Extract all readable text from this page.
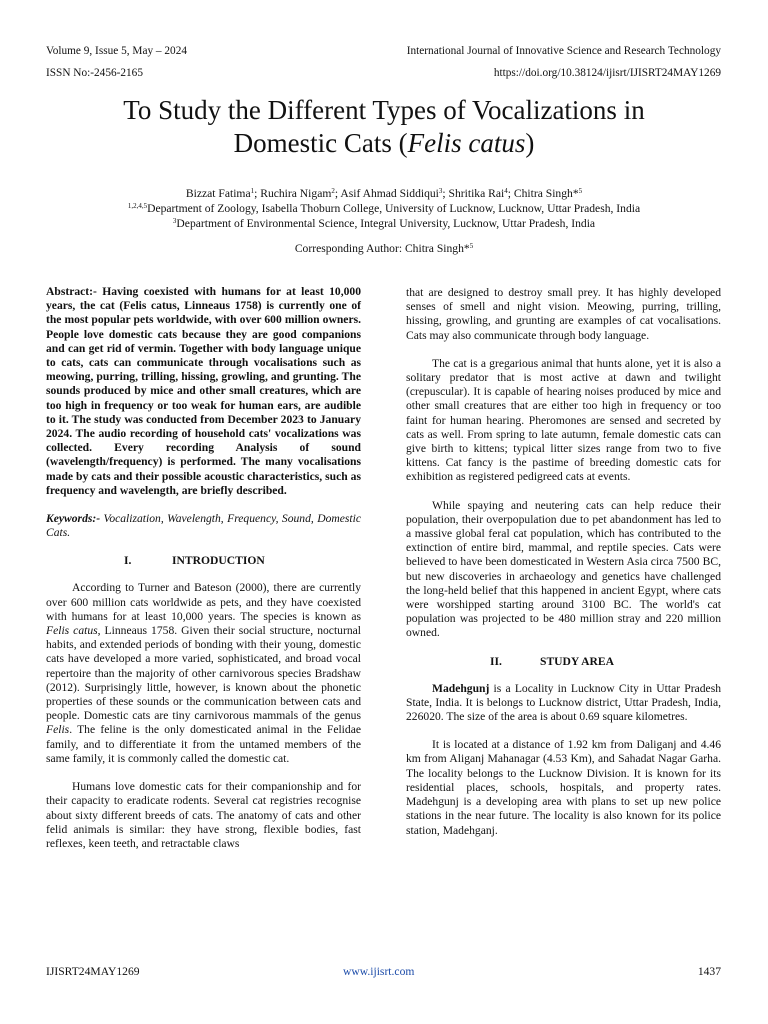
Volume 9, Issue 5, May – 2024	International Journal of Innovative Science and Research Technology
ISSN No:-2456-2165	https://doi.org/10.38124/ijisrt/IJISRT24MAY1269
To Study the Different Types of Vocalizations in
Domestic Cats (Felis catus)
Bizzat Fatima$^1$; Ruchira Nigam$^2$; Asif Ahmad Siddiqui$^3$; Shritika Rai$^4$; Chitra Singh*$^5$
$^{1,2,4,5}$Department of Zoology, Isabella Thoburn College, University of Lucknow, Lucknow, Uttar Pradesh, India
$^3$Department of Environmental Science, Integral University, Lucknow, Uttar Pradesh, India
Corresponding Author: Chitra Singh*$^5$

Abstract:- Having coexisted with humans for at least 10,000 years, the cat (Felis catus, Linneaus 1758) is currently one of the most popular pets worldwide, with over 600 million owners. People love domestic cats because they are good companions and can get rid of vermin. Together with body language unique to cats, cats can communicate through vocalisations such as meowing, purring, trilling, hissing, growling, and grunting. The sounds produced by mice and other small creatures, which are too high in frequency or too weak for human ears, are audible to it. The study was conducted from December 2023 to January 2024. The audio recording of household cats' vocalizations was collected. Every recording Analysis of sound (wavelength/frequency) is performed. The many vocalisations made by cats and their possible acoustic characteristics, such as frequency and wavelength, are briefly described.

Keywords:- Vocalization, Wavelength, Frequency, Sound, Domestic Cats.

I.	INTRODUCTION

According to Turner and Bateson (2000), there are currently over 600 million cats worldwide as pets, and they have coexisted with humans for at least 10,000 years. The species is known as Felis catus, Linneaus 1758. Given their social structure, nocturnal habits, and extended periods of bonding with their young, domestic cats have developed a more varied, sophisticated, and broad vocal repertoire than the majority of other carnivorous species Bradshaw (2012). Surprisingly little, however, is known about the phonetic properties of these sounds or the communication between cats and people. Domestic cats are tiny carnivorous mammals of the genus Felis. The feline is the only domesticated animal in the Felidae family, and to differentiate it from the untamed members of the same family, it is commonly called the domestic cat.

Humans love domestic cats for their companionship and for their capacity to eradicate rodents. Several cat registries recognise about sixty different breeds of cats. The anatomy of cats and other felid animals is similar: they have strong, flexible bodies, fast reflexes, keen teeth, and retractable claws

that are designed to destroy small prey. It has highly developed senses of smell and night vision. Meowing, purring, trilling, hissing, growling, and grunting are examples of cat vocalisations. Cats may also communicate through body language.

The cat is a gregarious animal that hunts alone, yet it is also a solitary predator that is most active at dawn and twilight (crepuscular). It is capable of hearing noises produced by mice and other small creatures that are either too high in frequency or too faint for human hearing. Pheromones are sensed and secreted by cats as well. From spring to late autumn, female domestic cats can give birth to kittens; typical litter sizes range from two to five kittens. Cat fancy is the pastime of breeding domestic cats for exhibition as registered pedigreed cats at events.

While spaying and neutering cats can help reduce their population, their overpopulation due to pet abandonment has led to a massive global feral cat population, which has contributed to the extinction of entire bird, mammal, and reptile species. Cats were believed to have been domesticated in Western Asia circa 7500 BC, but new discoveries in archaeology and genetics have challenged the long-held belief that this happened in ancient Egypt, where cats were worshipped starting around 3100 BC. The world's cat population was projected to be 480 million stray and 220 million owned.

II.	STUDY AREA

Madehgunj is a Locality in Lucknow City in Uttar Pradesh State, India. It is belongs to Lucknow district, Uttar Pradesh, India, 226020. The size of the area is about 0.69 square kilometres.

It is located at a distance of 1.92 km from Daliganj and 4.46 km from Aliganj Mahanagar (4.53 Km), and Sahadat Nagar Garha. The locality belongs to the Lucknow Division. It is known for its residential places, schools, hospitals, and property rates. Madehgunj is a developing area with plans to set up new police stations in the near future. The locality is also known for its police station, Madehganj.

IJISRT24MAY1269	www.ijisrt.com	1437
